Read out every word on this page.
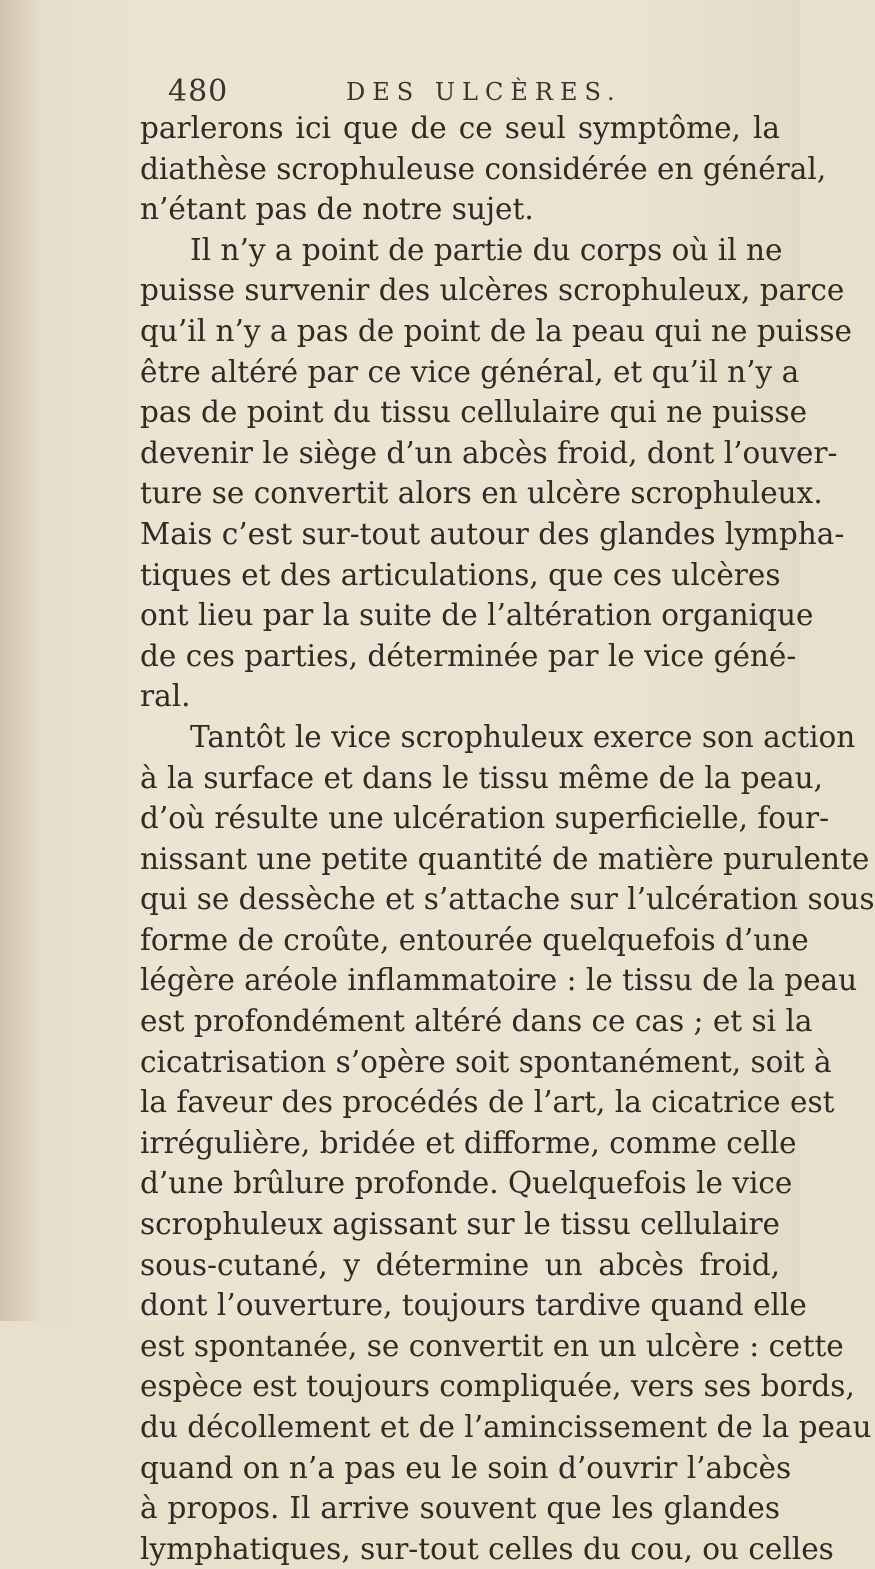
480	DES ULCÈRES.
parlerons ici que de ce seul symptôme, la
diathèse scrophuleuse considérée en général,
n’étant pas de notre sujet.
Il n’y a point de partie du corps où il ne
puisse survenir des ulcères scrophuleux, parce
qu’il n’y a pas de point de la peau qui ne puisse
être altéré par ce vice général, et qu’il n’y a
pas de point du tissu cellulaire qui ne puisse
devenir le siège d’un abcès froid, dont l’ouver-
ture se convertit alors en ulcère scrophuleux.
Mais c’est sur-tout autour des glandes lympha-
tiques et des articulations, que ces ulcères
ont lieu par la suite de l’altération organique
de ces parties, déterminée par le vice géné-
ral.
Tantôt le vice scrophuleux exerce son action
à la surface et dans le tissu même de la peau,
d’où résulte une ulcération superficielle, four-
nissant une petite quantité de matière purulente
qui se dessèche et s’attache sur l’ulcération sous
forme de croûte, entourée quelquefois d’une
légère aréole inflammatoire : le tissu de la peau
est profondément altéré dans ce cas ; et si la
cicatrisation s’opère soit spontanément, soit à
la faveur des procédés de l’art, la cicatrice est
irrégulière, bridée et difforme, comme celle
d’une brûlure profonde. Quelquefois le vice
scrophuleux agissant sur le tissu cellulaire
sous-cutané, y détermine un abcès froid,
dont l’ouverture, toujours tardive quand elle
est spontanée, se convertit en un ulcère : cette
espèce est toujours compliquée, vers ses bords,
du décollement et de l’amincissement de la peau
quand on n’a pas eu le soin d’ouvrir l’abcès
à propos. Il arrive souvent que les glandes
lymphatiques, sur-tout celles du cou, ou celles
